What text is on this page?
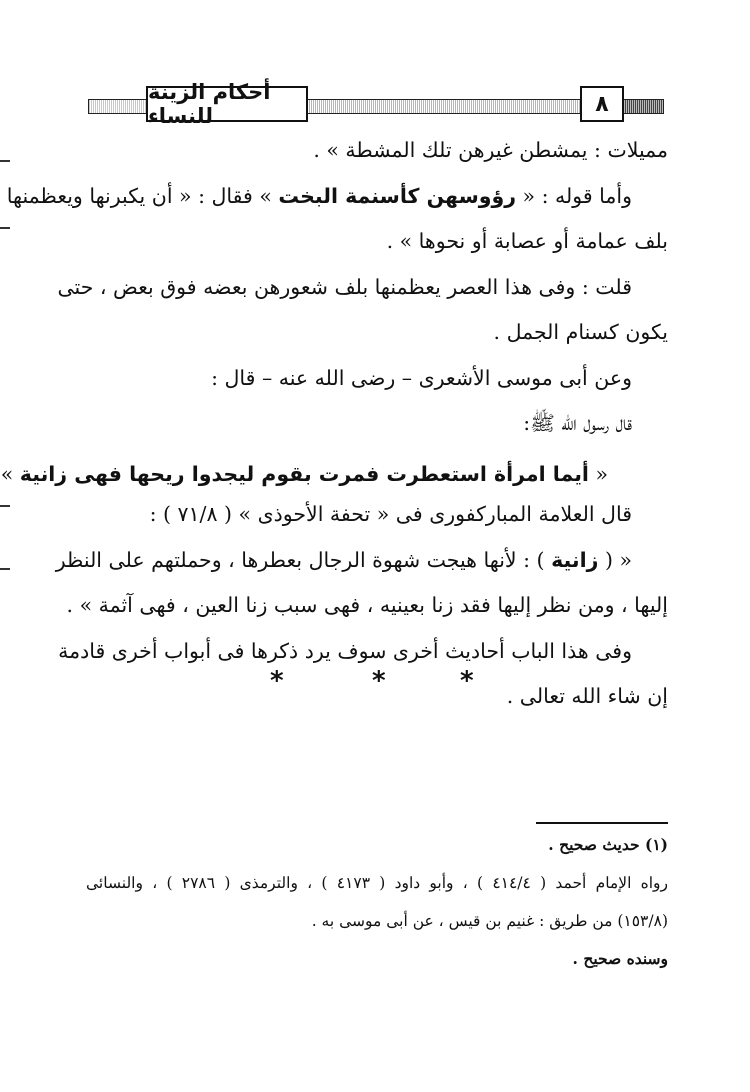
أحكام الزينة للنساء	٨
مميلات : يمشطن غيرهن تلك المشطة » .
وأما قوله : « رؤوسهن كأسنمة البخت » فقال : « أن يكبرنها ويعظمنها
بلف عمامة أو عصابة أو نحوها » .
قلت : وفى هذا العصر يعظمنها بلف شعورهن بعضه فوق بعض ، حتى
يكون كسنام الجمل .
وعن أبى موسى الأشعرى – رضى الله عنه – قال :
قال رسول الله ﷺ:
« أيما امرأة استعطرت فمرت بقوم ليجدوا ريحها فهى زانية »
قال العلامة المباركفورى فى « تحفة الأحوذى » ( ٧١/٨ ) :
« ( زانية ) : لأنها هيجت شهوة الرجال بعطرها ، وحملتهم على النظر
إليها ، ومن نظر إليها فقد زنا بعينيه ، فهى سبب زنا العين ، فهى آثمة » .
وفى هذا الباب أحاديث أخرى سوف يرد ذكرها فى أبواب أخرى قادمة
إن شاء الله تعالى .
*	*	*
(١) حديث صحيح .
رواه الإمام أحمد ( ٤١٤/٤ ) ، وأبو داود ( ٤١٧٣ ) ، والترمذى ( ٢٧٨٦ ) ، والنسائى
(١٥٣/٨) من طريق : غنيم بن قيس ، عن أبى موسى به .
وسنده صحيح .
